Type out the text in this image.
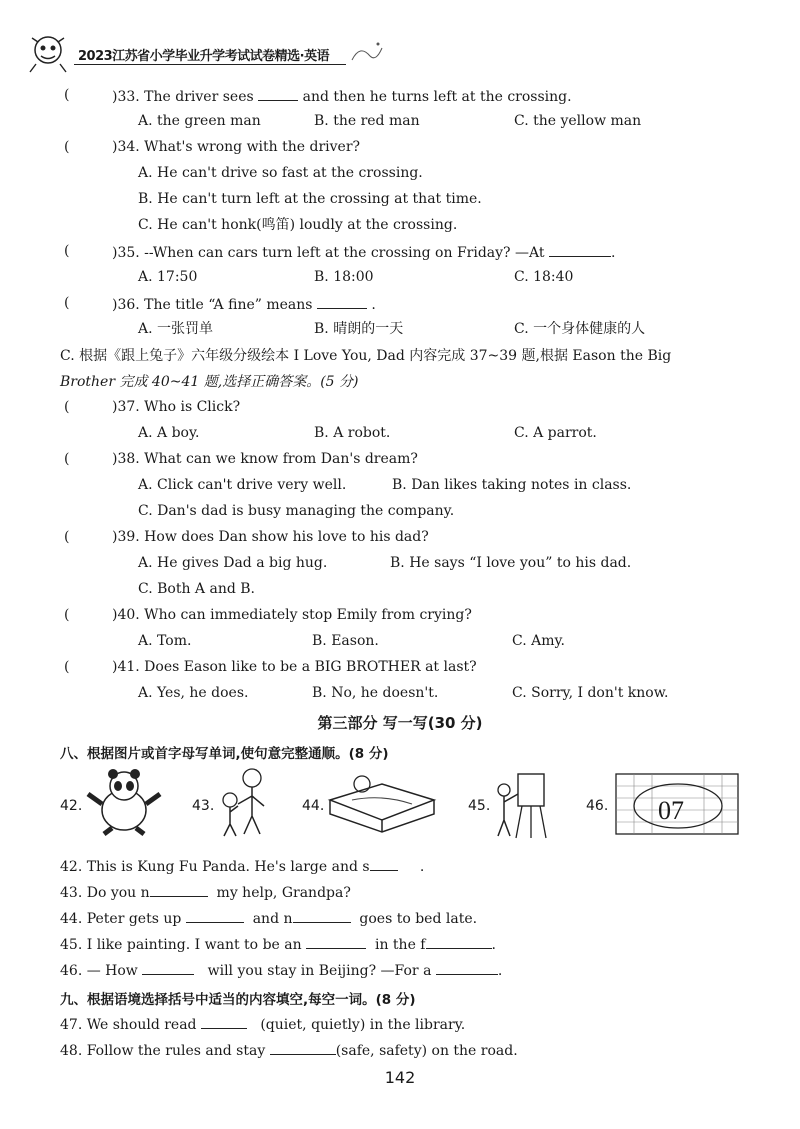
2023江苏省小学毕业升学考试试卷精选·英语
(	)33. The driver sees	and then he turns left at the crossing.
A. the green man	B. the red man	C. the yellow man
(	)34. What's wrong with the driver?
A. He can't drive so fast at the crossing.
B. He can't turn left at the crossing at that time.
C. He can't honk(鸣笛) loudly at the crossing.
(	)35. --When can cars turn left at the crossing on Friday? —At	.
A. 17:50	B. 18:00	C. 18:40
(	)36. The title “A fine” means	.
A. 一张罚单	B. 晴朗的一天	C. 一个身体健康的人
C. 根据《跟上兔子》六年级分级绘本 I Love You, Dad 内容完成 37~39 题,根据 Eason the Big
Brother 完成 40~41 题,选择正确答案。(5 分)
(	)37. Who is Click?
A. A boy.	B. A robot.	C. A parrot.
(	)38. What can we know from Dan's dream?
A. Click can't drive very well.	B. Dan likes taking notes in class.
C. Dan's dad is busy managing the company.
(	)39. How does Dan show his love to his dad?
A. He gives Dad a big hug.	B. He says “I love you” to his dad.
C. Both A and B.
(	)40. Who can immediately stop Emily from crying?
A. Tom.	B. Eason.	C. Amy.
(	)41. Does Eason like to be a BIG BROTHER at last?
A. Yes, he does.	B. No, he doesn't.	C. Sorry, I don't know.
第三部分 写一写(30 分)
八、根据图片或首字母写单词,使句意完整通顺。(8 分)
42.	43.	44.	45.	46. 07
42. This is Kung Fu Panda. He's large and s	.
43. Do you n	my help, Grandpa?
44. Peter gets up	and n	goes to bed late.
45. I like painting. I want to be an	in the f	.
46. — How	will you stay in Beijing? —For a	.
九、根据语境选择括号中适当的内容填空,每空一词。(8 分)
47. We should read	(quiet, quietly) in the library.
48. Follow the rules and stay	(safe, safety) on the road.
142
